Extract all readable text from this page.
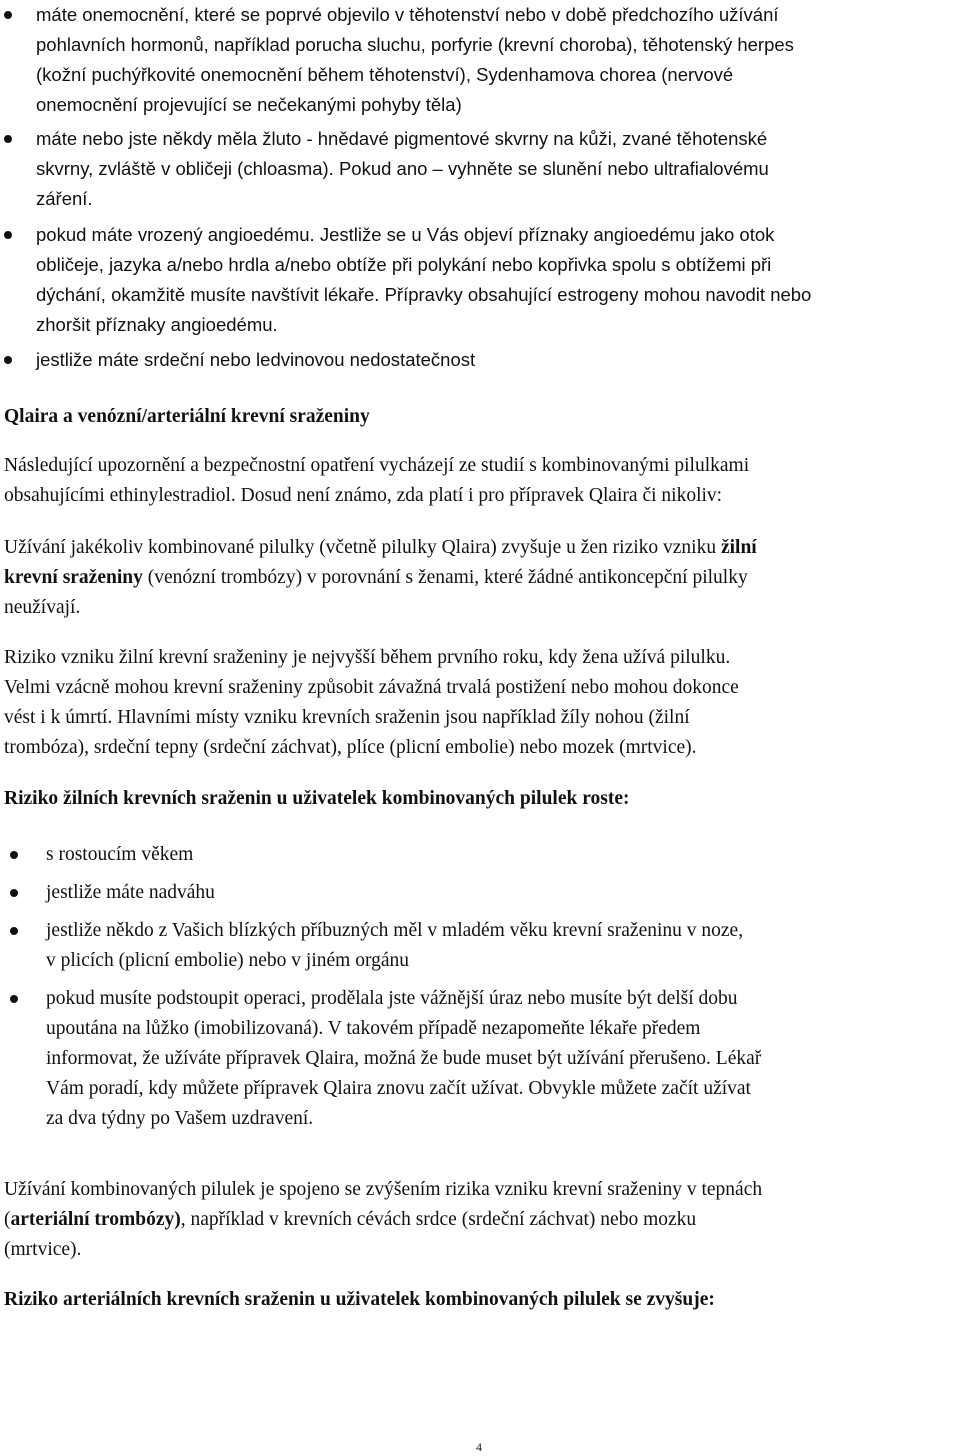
máte onemocnění, které se poprvé objevilo v těhotenství nebo v době předchozího užívání
pohlavních hormonů, například porucha sluchu, porfyrie (krevní choroba), těhotenský herpes
(kožní puchýřkovité onemocnění během těhotenství), Sydenhamova chorea (nervové
onemocnění projevující se nečekanými pohyby těla)
máte nebo jste někdy měla žluto - hnědavé pigmentové skvrny na kůži, zvané těhotenské
skvrny, zvláště v obličeji (chloasma). Pokud ano – vyhněte se slunění nebo ultrafialovému
záření.
pokud máte vrozený angioedému. Jestliže se u Vás objeví příznaky angioedému jako otok
obličeje, jazyka a/nebo hrdla a/nebo obtíže při polykání nebo kopřivka spolu s obtížemi při
dýchání, okamžitě musíte navštívit lékaře. Přípravky obsahující estrogeny mohou navodit nebo
zhoršit příznaky angioedému.
jestliže máte srdeční nebo ledvinovou nedostatečnost
Qlaira a venózní/arteriální krevní sraženiny
Následující upozornění a bezpečnostní opatření vycházejí ze studií s kombinovanými pilulkami
obsahujícími ethinylestradiol. Dosud není známo, zda platí i pro přípravek Qlaira či nikoliv:
Užívání jakékoliv kombinované pilulky (včetně pilulky Qlaira) zvyšuje u žen riziko vzniku žilní
krevní sraženiny (venózní trombózy) v porovnání s ženami, které žádné antikoncepční pilulky
neužívají.
Riziko vzniku žilní krevní sraženiny je nejvyšší během prvního roku, kdy žena užívá pilulku.
Velmi vzácně mohou krevní sraženiny způsobit závažná trvalá postižení nebo mohou dokonce
vést i k úmrtí. Hlavními místy vzniku krevních sraženin jsou například žíly nohou (žilní
trombóza), srdeční tepny (srdeční záchvat), plíce (plicní embolie) nebo mozek (mrtvice).
Riziko žilních krevních sraženin u uživatelek kombinovaných pilulek roste:
s rostoucím věkem
jestliže máte nadváhu
jestliže někdo z Vašich blízkých příbuzných měl v mladém věku krevní sraženinu v noze,
v plicích (plicní embolie) nebo v jiném orgánu
pokud musíte podstoupit operaci, prodělala jste vážnější úraz nebo musíte být delší dobu
upoutána na lůžko (imobilizovaná). V takovém případě nezapomeňte lékaře předem
informovat, že užíváte přípravek Qlaira, možná že bude muset být užívání přerušeno. Lékař
Vám poradí, kdy můžete přípravek Qlaira znovu začít užívat. Obvykle můžete začít užívat
za dva týdny po Vašem uzdravení.
Užívání kombinovaných pilulek je spojeno se zvýšením rizika vzniku krevní sraženiny v tepnách
(arteriální trombózy), například v krevních cévách srdce (srdeční záchvat) nebo mozku
(mrtvice).
Riziko arteriálních krevních sraženin u uživatelek kombinovaných pilulek se zvyšuje:
4
